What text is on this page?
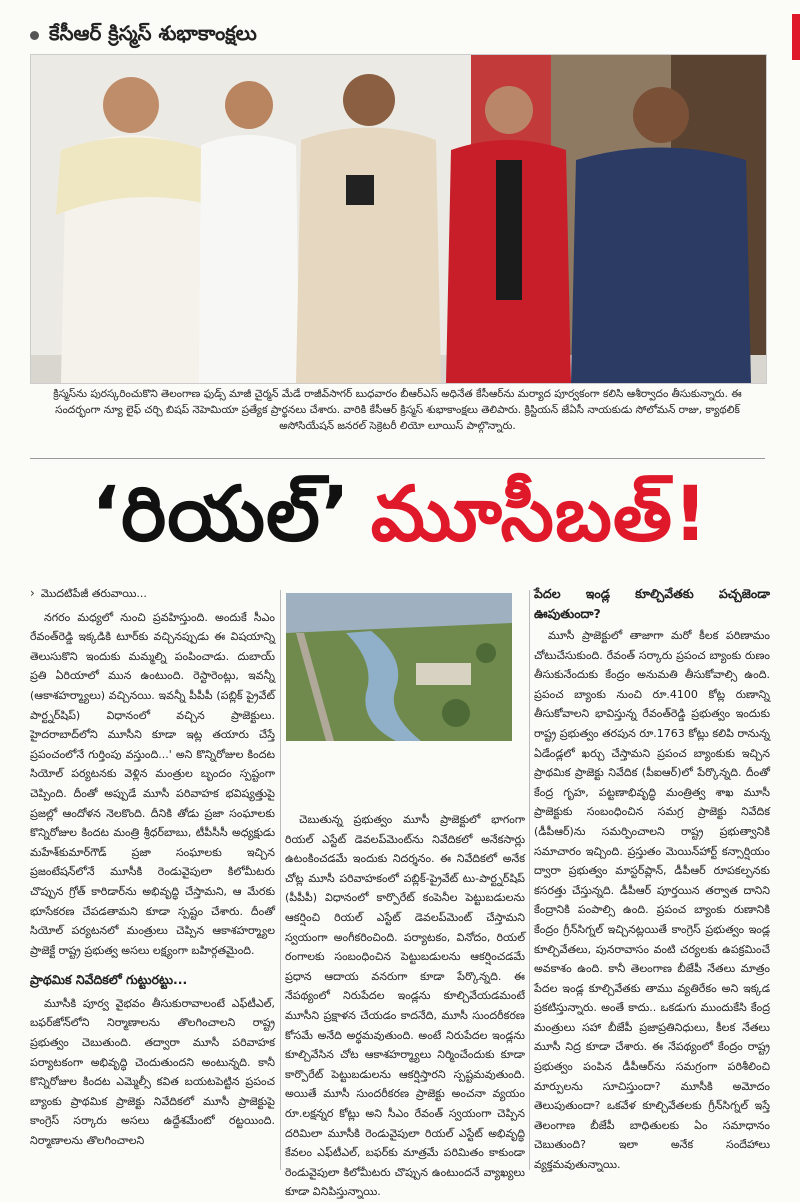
కేసీఆర్ క్రిస్మస్ శుభాకాంక్షలు
క్రిస్మస్‌ను పురస్కరించుకొని తెలంగాణ ఫుడ్స్ మాజీ చైర్మన్ మేడే రాజీవ్‌సాగర్ బుధవారం బీఆర్ఎస్ అధినేత కేసీఆర్‌ను మర్యాద పూర్వకంగా కలిసి ఆశీర్వాదం తీసుకున్నారు. ఈ సందర్భంగా న్యూ లైఫ్ చర్చి బిషప్ నెహెమియా ప్రత్యేక ప్రార్థనలు చేశారు. వారికి కేసీఆర్ క్రిస్మస్ శుభాకాంక్షలు తెలిపారు. క్రిస్టియన్ జేఏసీ నాయకుడు సోలోమన్ రాజు, క్యాథలిక్ అసోసియేషన్ జనరల్ సెక్రెటరీ లియో లూయిస్ పాల్గొన్నారు.
‘రియల్’ మూసీబత్!
› మొదటిపేజీ తరువాయి...

నగరం మధ్యలో నుంచి ప్రవహిస్తుంది. అందుకే సీఎం రేవంత్‌రెడ్డి ఇక్కడికి టూర్‌కు వచ్చినప్పుడు ఈ విషయాన్ని తెలుసుకొని ఇందుకు మమ్మల్ని పంపించాడు. దుబాయ్ ప్రతి ఏరియాలో మున ఉంటుంది. రెస్టారెంట్లు, ఇవన్నీ (ఆకాశహర్మ్యాలు) వచ్చినయి. ఇవన్నీ పీపీపీ (పబ్లిక్ ప్రైవేట్ పార్ట్నర్‌షిప్) విధానంలో వచ్చిన ప్రాజెక్టులు. హైదరాబాద్‌లోని మూసీని కూడా ఇట్ల తయారు చేస్తే ప్రపంచంలోనే గుర్తింపు వస్తుంది...' అని కొన్నిరోజుల కిందట సియోల్ పర్యటనకు వెళ్లిన మంత్రుల బృందం స్పష్టంగా చెప్పింది. దీంతో అప్పుడే మూసీ పరివాహక భవిష్యత్తుపై ప్రజల్లో ఆందోళన నెలకొంది. దీనికి తోడు ప్రజా సంఘాలకు కొన్నిరోజుల కిందట మంత్రి శ్రీధర్‌బాబు, టీపీసీసీ అధ్యక్షుడు మహేశ్‌కుమార్‌గౌడ్ ప్రజా సంఘాలకు ఇచ్చిన ప్రజంటేషన్‌లోనే మూసీకి రెండువైపులా కిలోమీటరు చొప్పున గ్రోత్ కారిడార్‌ను అభివృద్ధి చేస్తామని, ఆ మేరకు భూసేకరణ చేపడతామని కూడా స్పష్టం చేశారు. దీంతో సియోల్ పర్యటనలో మంత్రులు చెప్పిన ఆకాశహర్మ్యాల ప్రాజెక్టే రాష్ట్ర ప్రభుత్వ అసలు లక్ష్యంగా బహిర్గతమైంది.

ప్రాథమిక నివేదికలో గుట్టురట్టు...

మూసీకి పూర్వ వైభవం తీసుకురావాలంటే ఎఫ్‌టీఎల్, బఫర్‌జోన్‌లోని నిర్మాణాలను తొలగించాలని రాష్ట్ర ప్రభుత్వం చెబుతుంది. తద్వారా మూసీ పరివాహక పర్యాటకంగా అభివృద్ధి చెందుతుందని అంటున్నది. కానీ కొన్నిరోజుల కిందట ఎమ్మెల్సీ కవిత బయటపెట్టిన ప్రపంచ బ్యాంకు ప్రాథమిక ప్రాజెక్టు నివేదికలో మూసీ ప్రాజెక్టుపై కాంగ్రెస్ సర్కారు అసలు ఉద్దేశమేంటో రట్టయింది. నిర్మాణాలను తొలగించాలని

చెబుతున్న ప్రభుత్వం మూసీ ప్రాజెక్టులో భాగంగా రియల్ ఎస్టేట్ డెవలప్‌మెంట్‌ను నివేదికలో అనేకసార్లు ఉటంకించడమే ఇందుకు నిదర్శనం. ఈ నివేదికలో అనేక చోట్ల మూసీ పరివాహకంలో పబ్లిక్-ప్రైవేట్ టు-పార్ట్నర్‌షిప్ (పీపీపీ) విధానంలో కార్పొరేట్ కంపెనీల పెట్టుబడులను ఆకర్షించి రియల్ ఎస్టేట్ డెవలప్‌మెంట్ చేస్తామని స్వయంగా అంగీకరించింది. పర్యాటకం, వినోదం, రియల్ రంగాలకు సంబంధించిన పెట్టుబడులను ఆకర్షించడమే ప్రధాన ఆదాయ వనరుగా కూడా పేర్కొన్నది. ఈ నేపథ్యంలో నిరుపేదల ఇండ్లను కూల్చివేయడమంటే మూసీని ప్రక్షాళన చేయడం కాదనేది, మూసీ సుందరీకరణ కోసమే అనేది అర్థమవుతుంది. అంటే నిరుపేదల ఇండ్లను కూల్చివేసిన చోట ఆకాశహర్మ్యాలు నిర్మించేందుకు కూడా కార్పొరేట్ పెట్టుబడులను ఆకర్షిస్తారని స్పష్టమవుతుంది. అయితే మూసీ సుందరీకరణ ప్రాజెక్టు అంచనా వ్యయం రూ.లక్షన్నర కోట్లు అని సీఎం రేవంత్ స్వయంగా చెప్పిన దరిమిలా మూసీకి రెండువైపులా రియల్ ఎస్టేట్ అభివృద్ధి కేవలం ఎఫ్‌టీఎల్, బఫర్‌కు మాత్రమే పరిమితం కాకుండా రెండువైపులా కిలోమీటరు చొప్పున ఉంటుందనే వ్యాఖ్యలు కూడా వినిపిస్తున్నాయి.

పేదల ఇండ్ల కూల్చివేతకు పచ్చజెండా ఊపుతుందా?

మూసీ ప్రాజెక్టులో తాజాగా మరో కీలక పరిణామం చోటుచేసుకుంది. రేవంత్ సర్కారు ప్రపంచ బ్యాంకు రుణం తీసుకునేందుకు కేంద్రం అనుమతి తీసుకోవాల్సి ఉంది. ప్రపంచ బ్యాంకు నుంచి రూ.4100 కోట్ల రుణాన్ని తీసుకోవాలని భావిస్తున్న రేవంత్‌రెడ్డి ప్రభుత్వం ఇందుకు రాష్ట్ర ప్రభుత్వం తరపున రూ.1763 కోట్లు కలిపి రానున్న ఏడేండ్లలో ఖర్చు చేస్తామని ప్రపంచ బ్యాంకుకు ఇచ్చిన ప్రాథమిక ప్రాజెక్టు నివేదిక (పీఐఆర్)లో పేర్కొన్నది. దీంతో కేంద్ర గృహ, పట్టణాభివృద్ధి మంత్రిత్వ శాఖ మూసీ ప్రాజెక్టుకు సంబంధించిన సమగ్ర ప్రాజెక్టు నివేదిక (డీపీఆర్)ను సమర్పించాలని రాష్ట్ర ప్రభుత్వానికి సమాచారం ఇచ్చింది. ప్రస్తుతం మెయిన్‌హార్ట్ కన్సార్షియం ద్వారా ప్రభుత్వం మాస్టర్‌ప్లాన్, డీపీఆర్ రూపకల్పనకు కసరత్తు చేస్తున్నది. డీపీఆర్ పూర్తయిన తర్వాత దానిని కేంద్రానికి పంపాల్సి ఉంది. ప్రపంచ బ్యాంకు రుణానికి కేంద్రం గ్రీన్‌సిగ్నల్ ఇచ్చినట్లయితే కాంగ్రెస్ ప్రభుత్వం ఇండ్ల కూల్చివేతలు, పునరావాసం వంటి చర్యలకు ఉపక్రమించే అవకాశం ఉంది. కానీ తెలంగాణ బీజేపీ నేతలు మాత్రం పేదల ఇండ్ల కూల్చివేతకు తాము వ్యతిరేకం అని ఇక్కడ ప్రకటిస్తున్నారు. అంతే కాదు.. ఒకడుగు ముందుకేసి కేంద్ర మంత్రులు సహా బీజేపీ ప్రజాప్రతినిధులు, కీలక నేతలు మూసీ నిద్ర కూడా చేశారు. ఈ నేపథ్యంలో కేంద్రం రాష్ట్ర ప్రభుత్వం పంపిన డీపీఆర్‌ను సమగ్రంగా పరిశీలించి మార్పులను సూచిస్తుందా? మూసీకి అమోదం తెలుపుతుందా? ఒకవేళ కూల్చివేతలకు గ్రీన్‌సిగ్నల్ ఇస్తే తెలంగాణ బీజేపీ బాధితులకు ఏం సమాధానం చెబుతుంది? ఇలా అనేక సందేహాలు వ్యక్తమవుతున్నాయి.
